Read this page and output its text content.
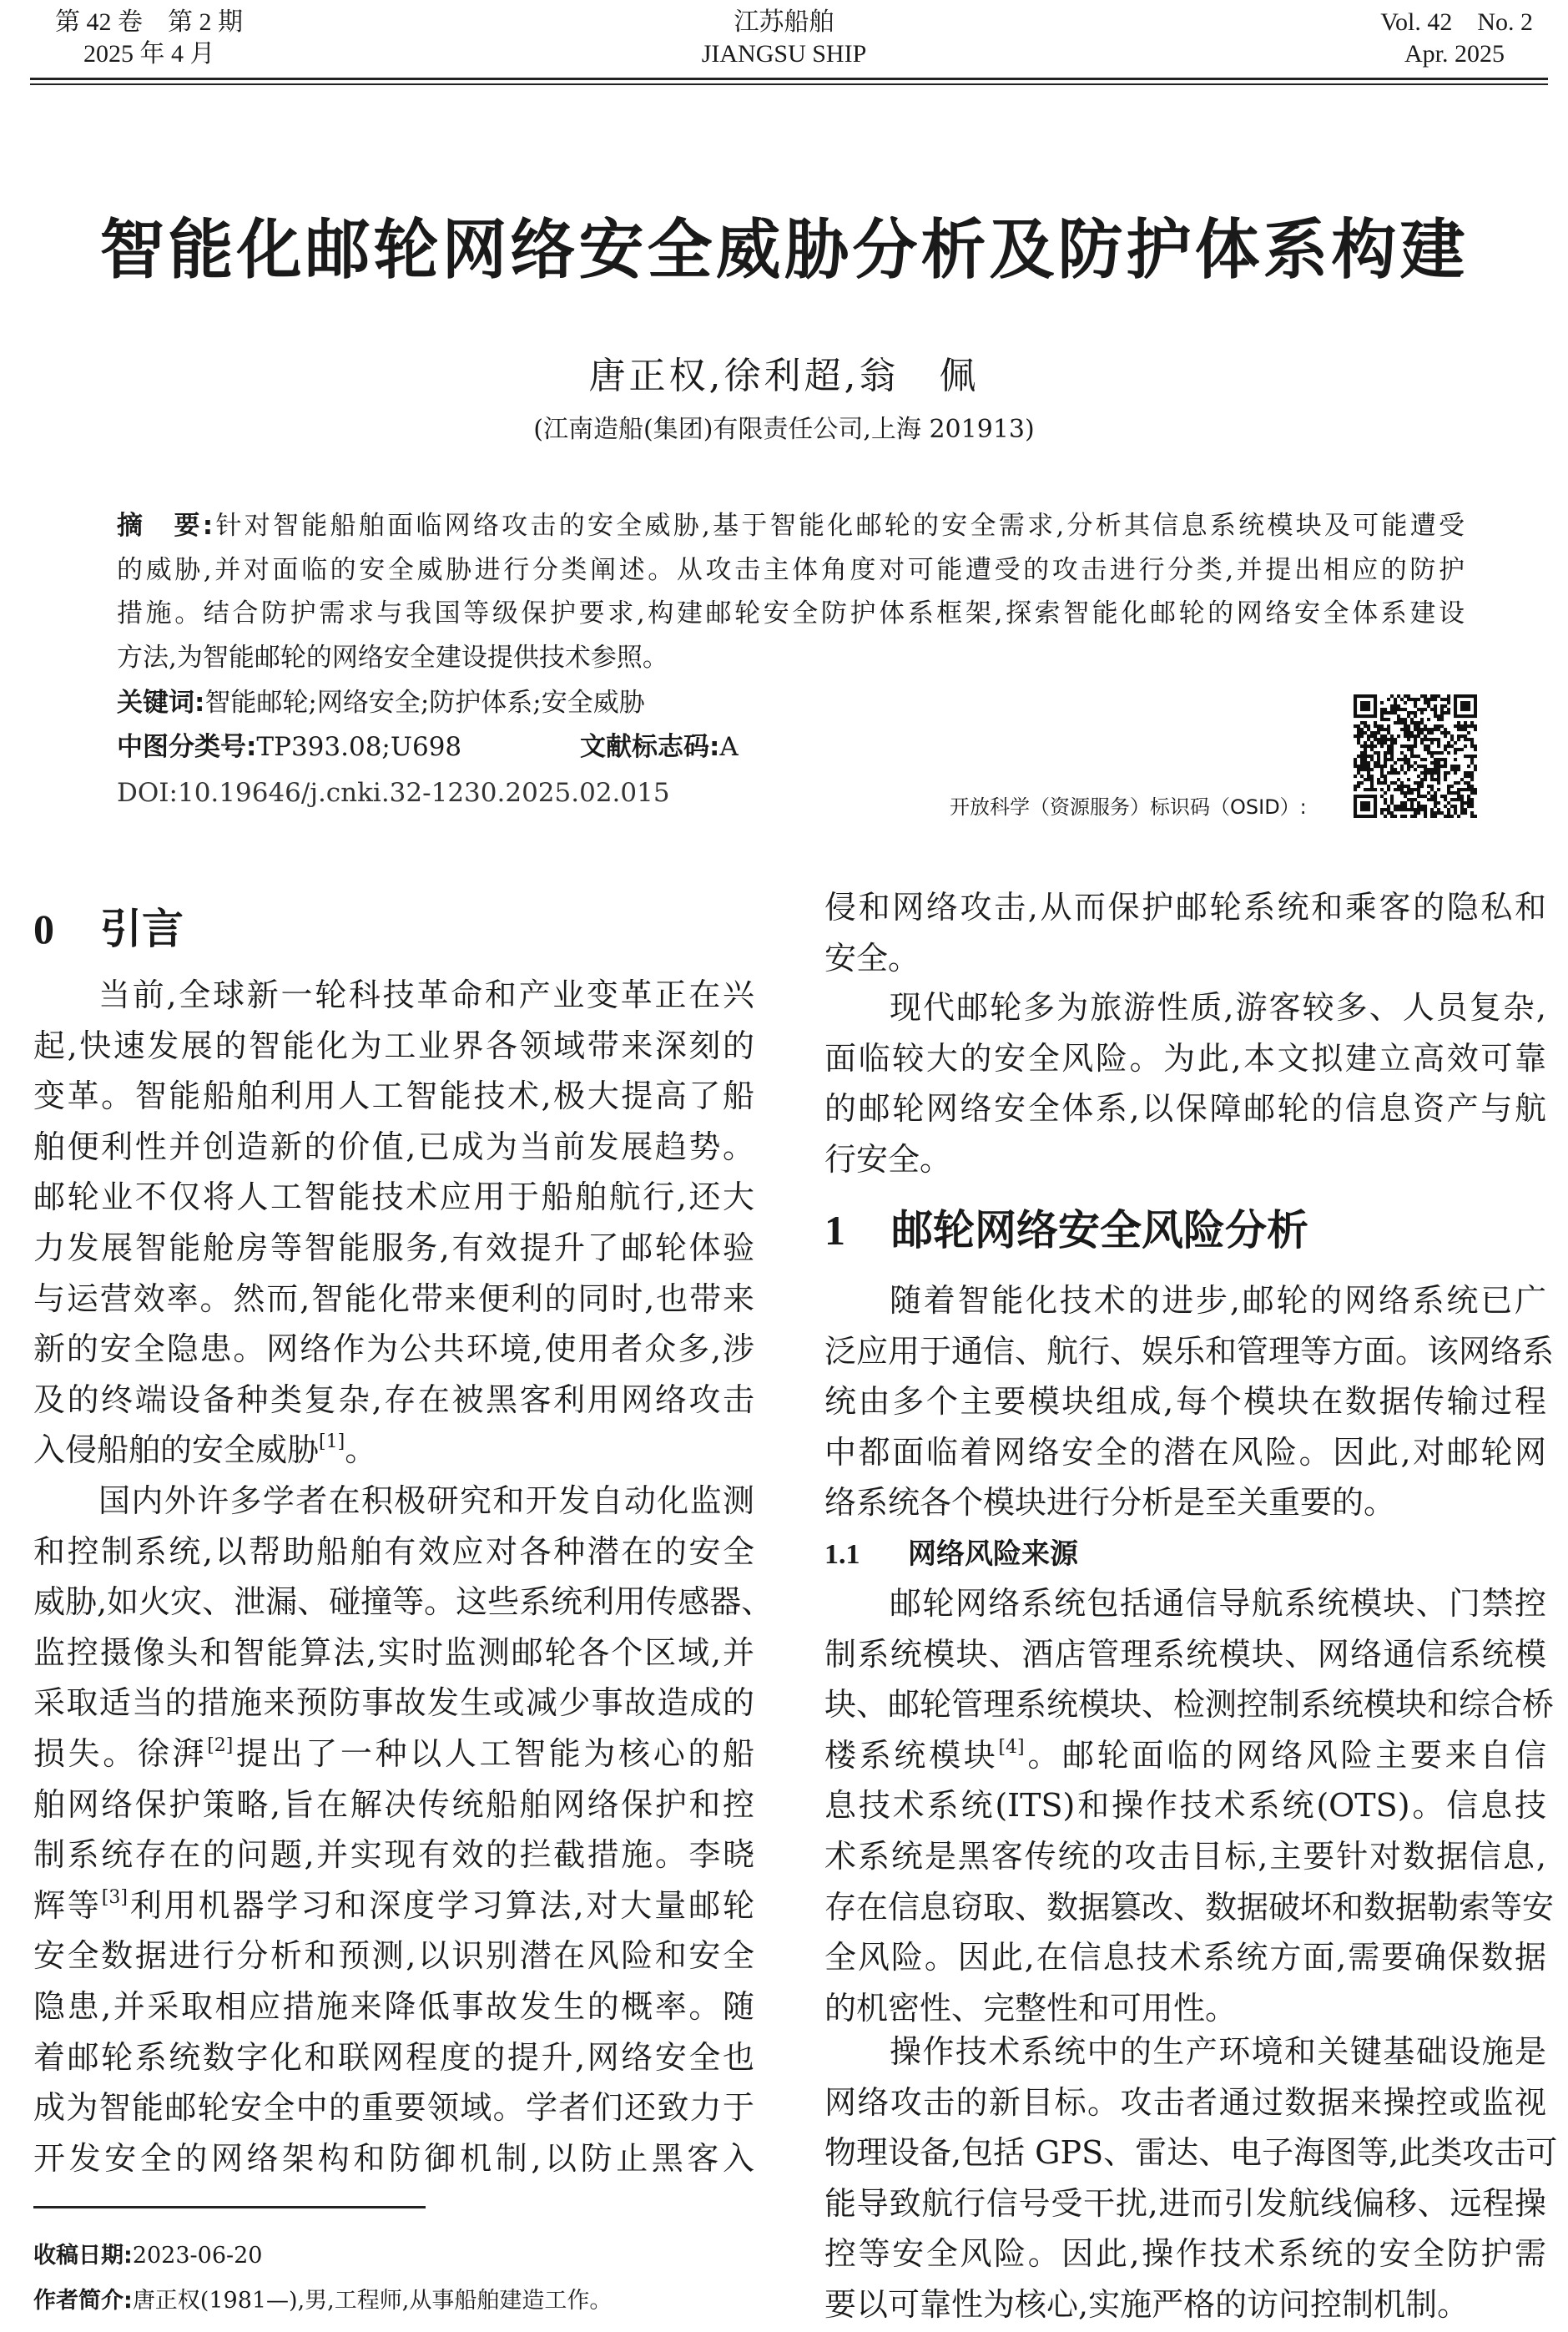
第 42 卷　第 2 期
2025 年 4 月
江苏船舶
JIANGSU SHIP
Vol. 42　No. 2
Apr. 2025
智能化邮轮网络安全威胁分析及防护体系构建
唐正权,徐利超,翁　佩
(江南造船(集团)有限责任公司,上海 201913)
摘　要:针对智能船舶面临网络攻击的安全威胁,基于智能化邮轮的安全需求,分析其信息系统模块及可能遭受
的威胁,并对面临的安全威胁进行分类阐述。从攻击主体角度对可能遭受的攻击进行分类,并提出相应的防护
措施。结合防护需求与我国等级保护要求,构建邮轮安全防护体系框架,探索智能化邮轮的网络安全体系建设
方法,为智能邮轮的网络安全建设提供技术参照。
关键词:智能邮轮;网络安全;防护体系;安全威胁
中图分类号:TP393.08;U698	文献标志码:A
DOI:10.19646/j.cnki.32-1230.2025.02.015	开放科学（资源服务）标识码（OSID）:
0 引言
当前,全球新一轮科技革命和产业变革正在兴
起,快速发展的智能化为工业界各领域带来深刻的
变革。智能船舶利用人工智能技术,极大提高了船
舶便利性并创造新的价值,已成为当前发展趋势。
邮轮业不仅将人工智能技术应用于船舶航行,还大
力发展智能舱房等智能服务,有效提升了邮轮体验
与运营效率。然而,智能化带来便利的同时,也带来
新的安全隐患。网络作为公共环境,使用者众多,涉
及的终端设备种类复杂,存在被黑客利用网络攻击
入侵船舶的安全威胁[1]。
国内外许多学者在积极研究和开发自动化监测
和控制系统,以帮助船舶有效应对各种潜在的安全
威胁,如火灾、泄漏、碰撞等。这些系统利用传感器、
监控摄像头和智能算法,实时监测邮轮各个区域,并
采取适当的措施来预防事故发生或减少事故造成的
损失。徐湃[2]提出了一种以人工智能为核心的船
舶网络保护策略,旨在解决传统船舶网络保护和控
制系统存在的问题,并实现有效的拦截措施。李晓
辉等[3]利用机器学习和深度学习算法,对大量邮轮
安全数据进行分析和预测,以识别潜在风险和安全
隐患,并采取相应措施来降低事故发生的概率。随
着邮轮系统数字化和联网程度的提升,网络安全也
成为智能邮轮安全中的重要领域。学者们还致力于
开发安全的网络架构和防御机制,以防止黑客入
侵和网络攻击,从而保护邮轮系统和乘客的隐私和
安全。
现代邮轮多为旅游性质,游客较多、人员复杂,
面临较大的安全风险。为此,本文拟建立高效可靠
的邮轮网络安全体系,以保障邮轮的信息资产与航
行安全。
1 邮轮网络安全风险分析
随着智能化技术的进步,邮轮的网络系统已广
泛应用于通信、航行、娱乐和管理等方面。该网络系
统由多个主要模块组成,每个模块在数据传输过程
中都面临着网络安全的潜在风险。因此,对邮轮网
络系统各个模块进行分析是至关重要的。
1.1 网络风险来源
邮轮网络系统包括通信导航系统模块、门禁控
制系统模块、酒店管理系统模块、网络通信系统模
块、邮轮管理系统模块、检测控制系统模块和综合桥
楼系统模块[4]。邮轮面临的网络风险主要来自信
息技术系统(ITS)和操作技术系统(OTS)。信息技
术系统是黑客传统的攻击目标,主要针对数据信息,
存在信息窃取、数据篡改、数据破坏和数据勒索等安
全风险。因此,在信息技术系统方面,需要确保数据
的机密性、完整性和可用性。
操作技术系统中的生产环境和关键基础设施是
网络攻击的新目标。攻击者通过数据来操控或监视
物理设备,包括 GPS、雷达、电子海图等,此类攻击可
能导致航行信号受干扰,进而引发航线偏移、远程操
控等安全风险。因此,操作技术系统的安全防护需
要以可靠性为核心,实施严格的访问控制机制。
收稿日期:2023-06-20
作者简介:唐正权(1981—),男,工程师,从事船舶建造工作。
